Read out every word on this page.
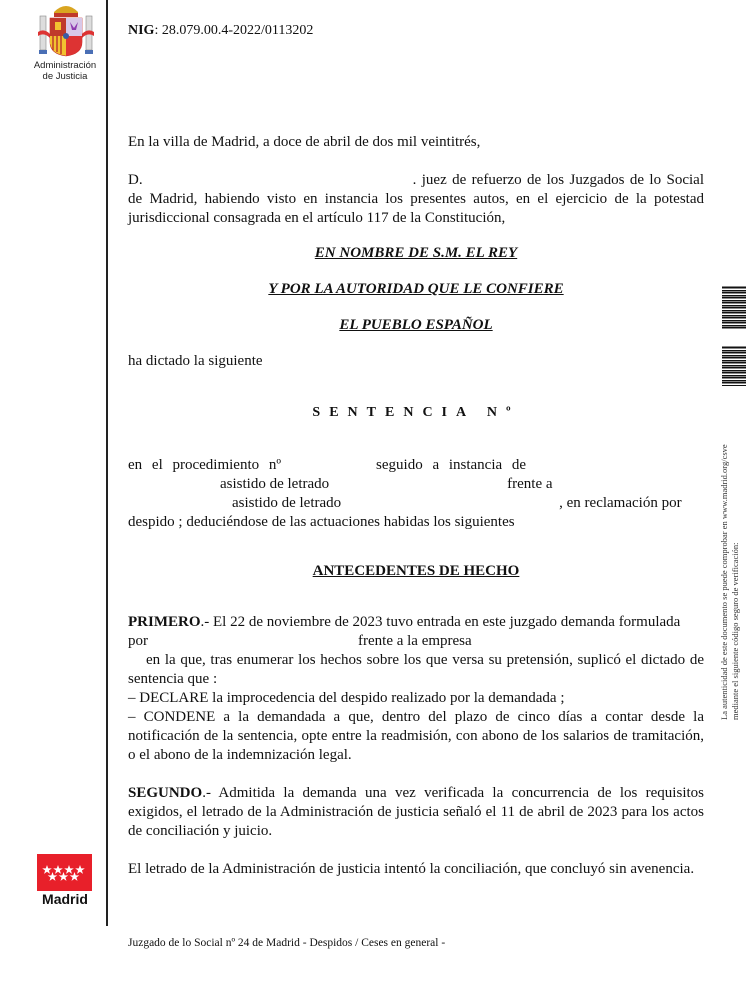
Administración
de Justicia
NIG: 28.079.00.4-2022/0113202

En la villa de Madrid, a doce de abril de dos mil veintitrés,

D.	. juez de refuerzo de los Juzgados de lo Social

de Madrid, habiendo visto en instancia los presentes autos, en el ejercicio de la potestad jurisdiccional consagrada en el artículo 117 de la Constitución,

EN NOMBRE DE S.M. EL REY

Y POR LA AUTORIDAD QUE LE CONFIERE

EL PUEBLO ESPAÑOL

ha dictado la siguiente

SENTENCIA Nº

en el procedimiento nº	seguido a instancia de
asistido de letrado	frente a
asistido de letrado	, en reclamación por
despido ; deduciéndose de las actuaciones habidas los siguientes

ANTECEDENTES DE HECHO

PRIMERO.- El 22 de noviembre de 2023 tuvo entrada en este juzgado demanda formulada
por	frente a la empresa
en la que, tras enumerar los hechos sobre los que versa su pretensión, suplicó el dictado de sentencia que :

– DECLARE la improcedencia del despido realizado por la demandada ;

– CONDENE a la demandada a que, dentro del plazo de cinco días a contar desde la notificación de la sentencia, opte entre la readmisión, con abono de los salarios de tramitación, o el abono de la indemnización legal.

SEGUNDO.- Admitida la demanda una vez verificada la concurrencia de los requisitos exigidos, el letrado de la Administración de justicia señaló el 11 de abril de 2023 para los actos de conciliación y juicio.

El letrado de la Administración de justicia intentó la conciliación, que concluyó sin avenencia.

Madrid
Juzgado de lo Social nº 24 de Madrid - Despidos / Ceses en general -
La autenticidad de este documento se puede comprobar en www.madrid.org/csve mediante el siguiente código seguro de verificación:
